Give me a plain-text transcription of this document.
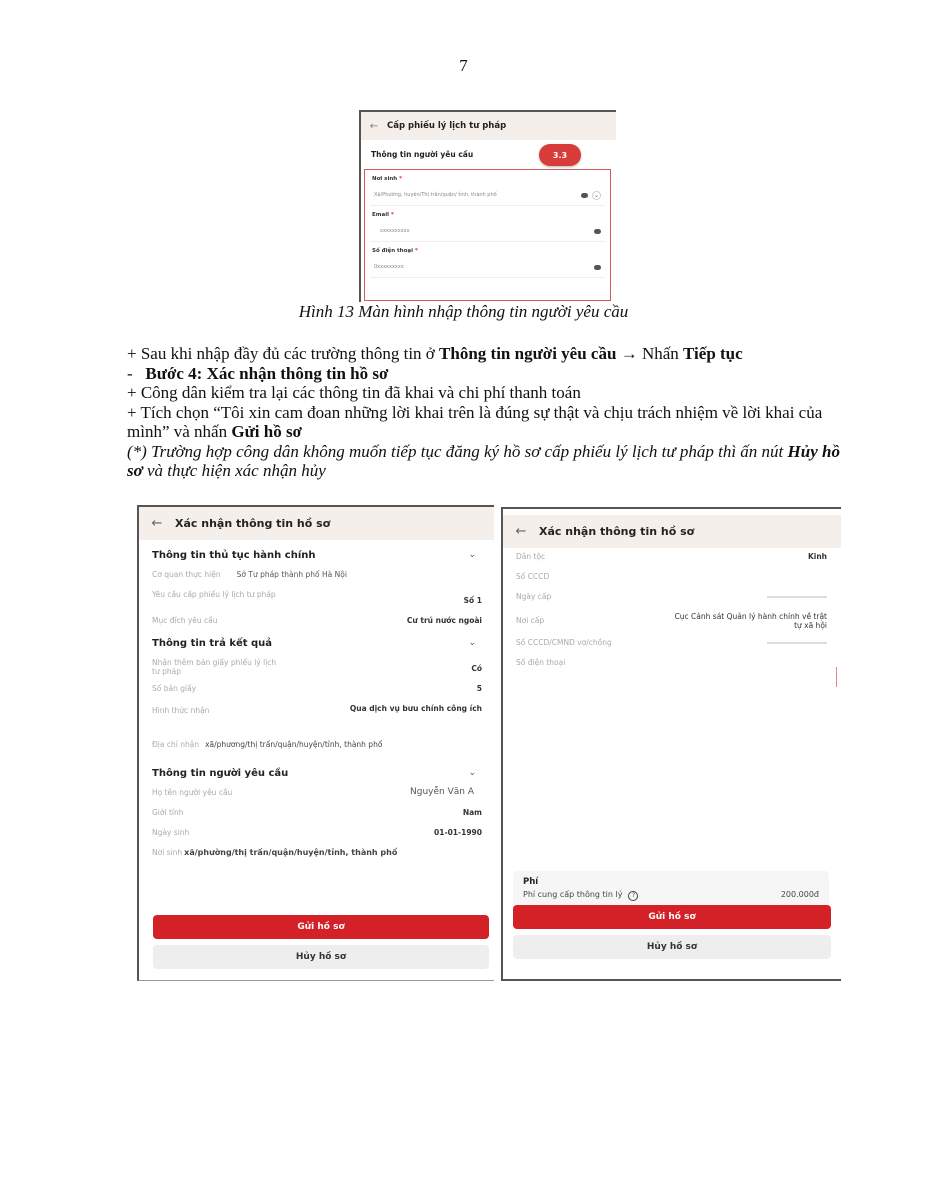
7
←	Cấp phiếu lý lịch tư pháp
Thông tin người yêu cầu	3.3
Nơi sinh *
Xã/Phường, huyện/Thị trấn/quận/ tỉnh, thành phố	⌄
Email *
xxxxxxxxxx
Số điện thoại *
0xxxxxxxxx
Hình 13 Màn hình nhập thông tin người yêu cầu

+ Sau khi nhập đầy đủ các trường thông tin ở Thông tin người yêu cầu → Nhấn Tiếp tục

-   Bước 4: Xác nhận thông tin hồ sơ

+ Công dân kiểm tra lại các thông tin đã khai và chi phí thanh toán

+ Tích chọn “Tôi xin cam đoan những lời khai trên là đúng sự thật và chịu trách nhiệm về lời khai của mình” và nhấn Gửi hồ sơ

(*) Trường hợp công dân không muốn tiếp tục đăng ký hồ sơ cấp phiếu lý lịch tư pháp thì ấn nút Hủy hồ sơ và thực hiện xác nhận hủy

←	Xác nhận thông tin hồ sơ
Thông tin thủ tục hành chính	⌄
Cơ quan thực hiện Sở Tư pháp thành phố Hà Nội
Yêu cầu cấp phiếu lý lịch tư pháp
Số 1
Mục đích yêu cầu	Cư trú nước ngoài
Thông tin trả kết quả	⌄
Nhận thêm bản giấy phiếu lý lịch tư pháp	Có
Số bản giấy	5
Hình thức nhận	Qua dịch vụ bưu chính công ích
Địa chỉ nhận xã/phương/thị trấn/quận/huyện/tỉnh, thành phố
Thông tin người yêu cầu	⌄
Họ tên người yêu cầu	Nguyễn Văn A
Giới tính	Nam
Ngày sinh	01-01-1990
Nơi sinh xã/phường/thị trấn/quận/huyện/tỉnh, thành phố
Gửi hồ sơ
Hủy hồ sơ
←	Xác nhận thông tin hồ sơ
Dân tộc	Kinh
Số CCCD
Ngày cấp
Nơi cấp	Cục Cảnh sát Quản lý hành chính về trật tự xã hội
Số CCCD/CMND vợ/chồng
Số điện thoại
Phí
Phí cung cấp thông tin lý ?	200.000đ
Gửi hồ sơ
Hủy hồ sơ
